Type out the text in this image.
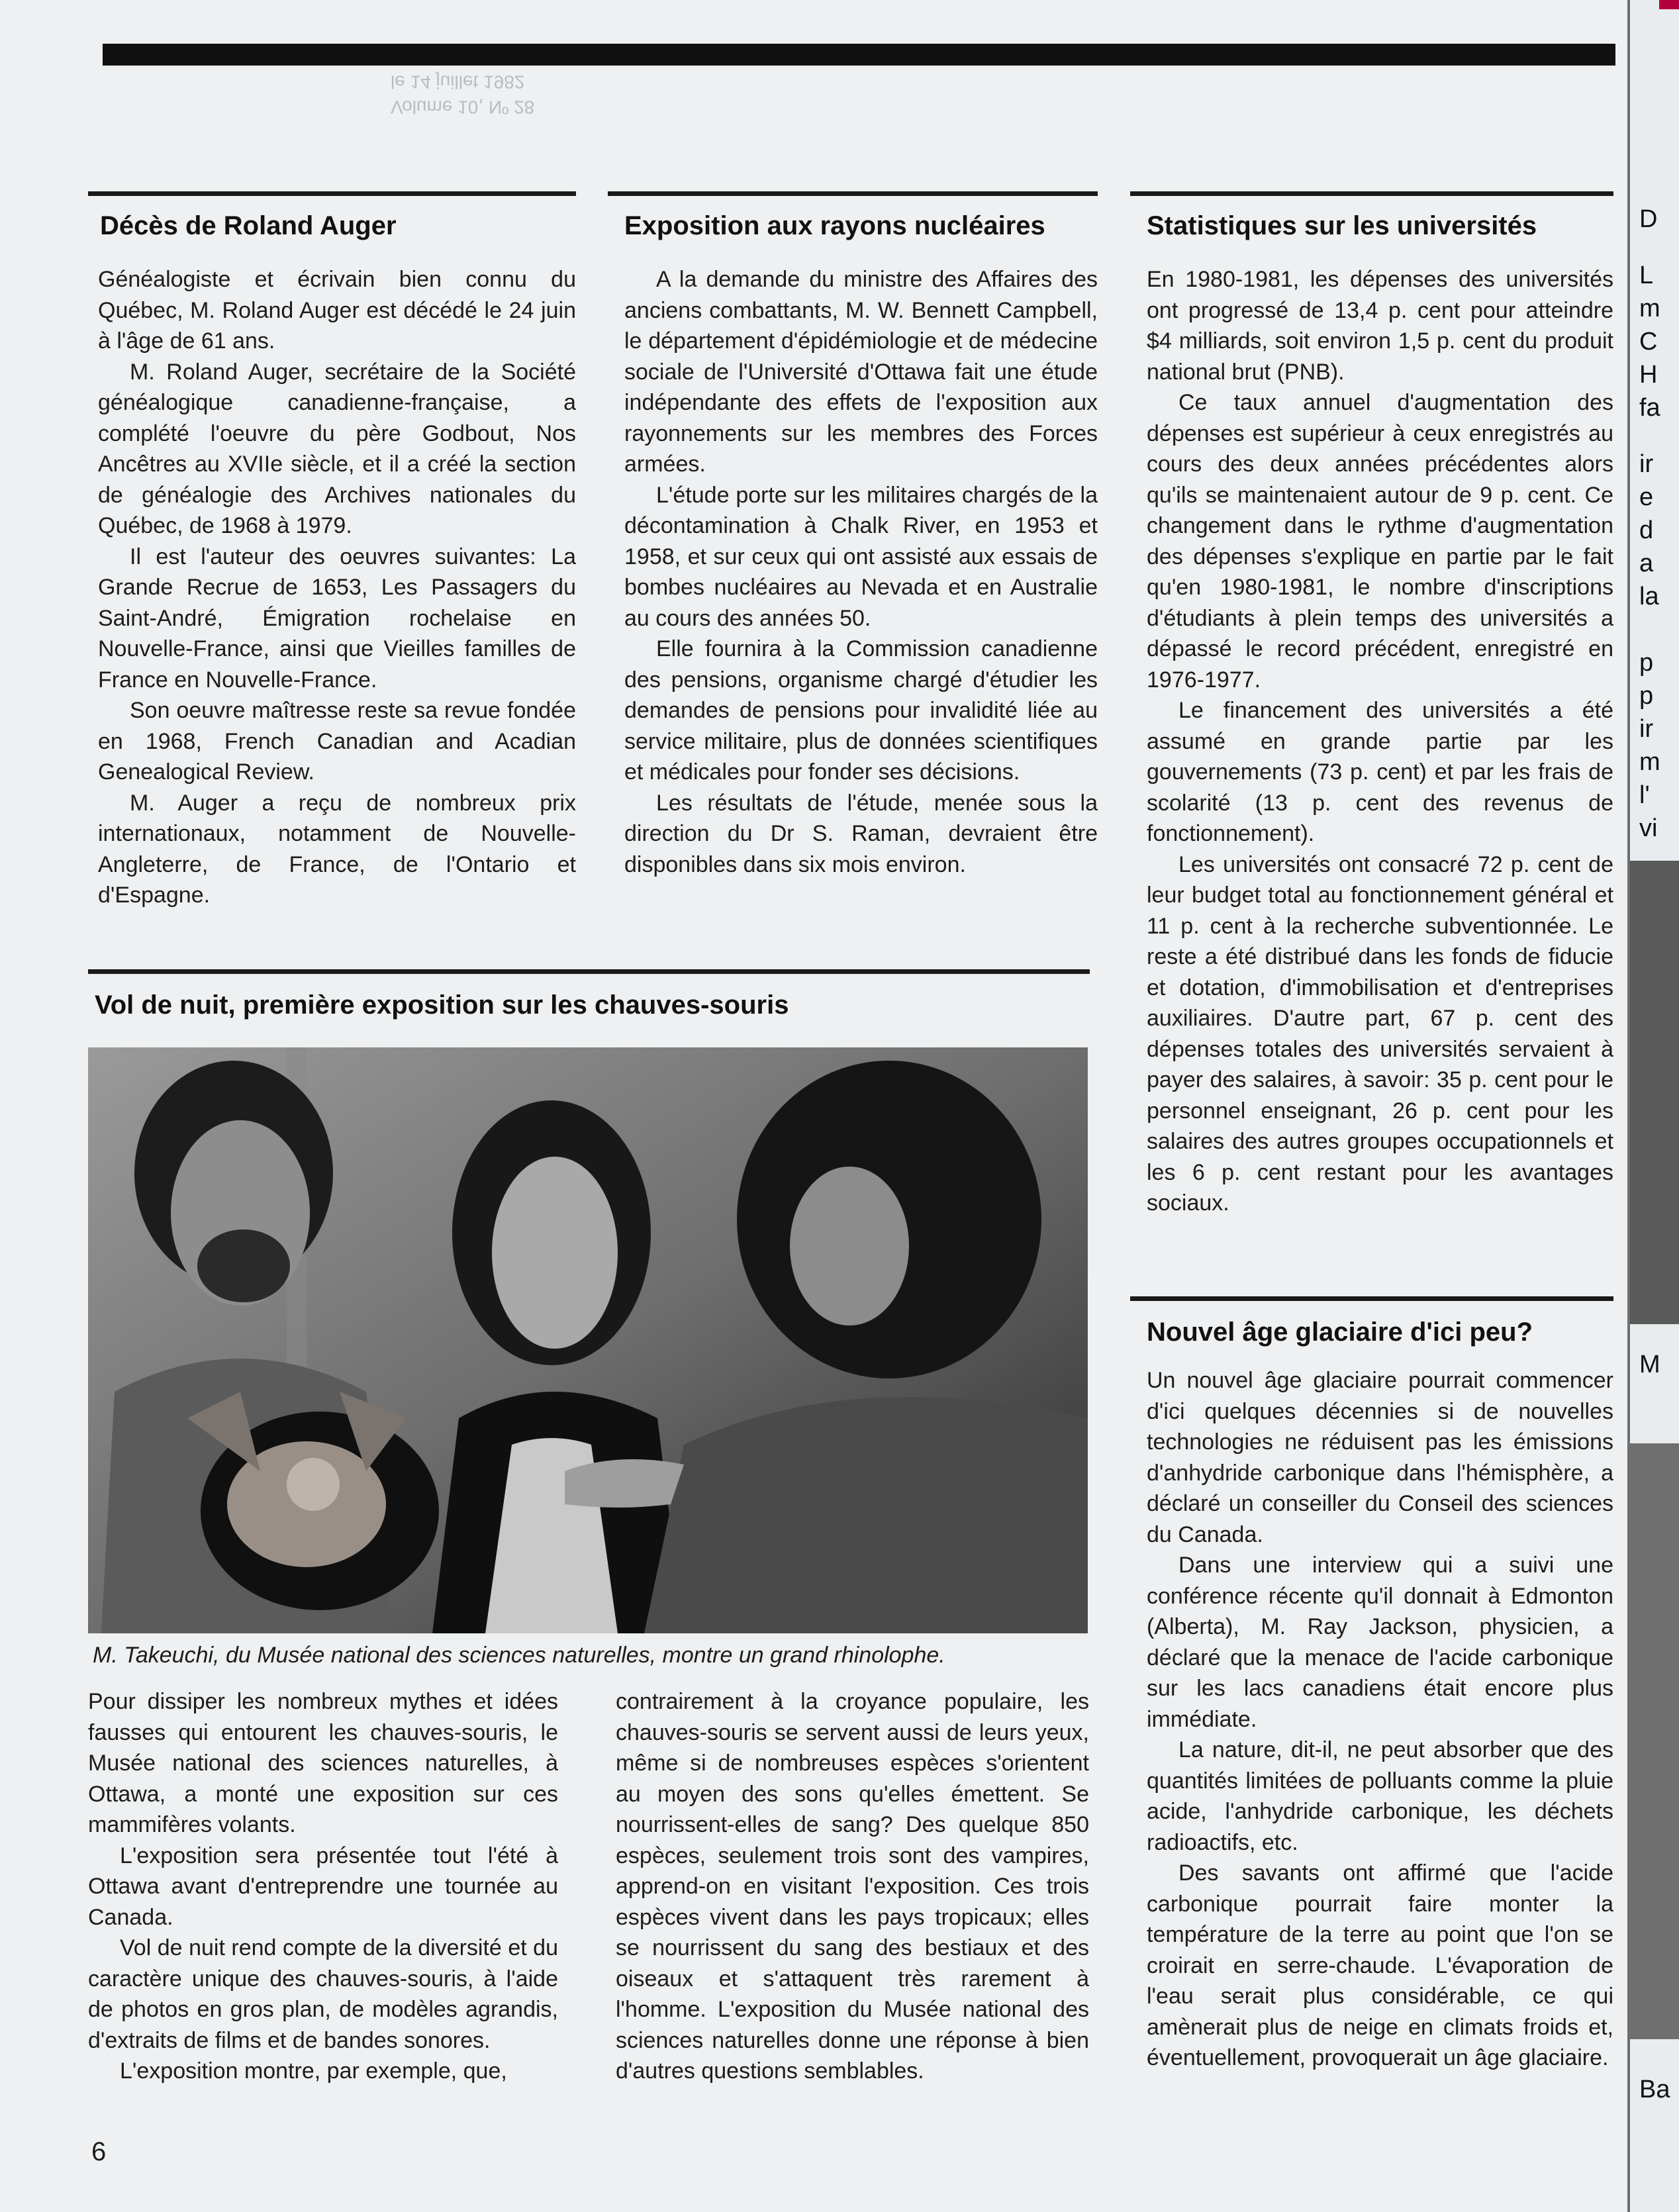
Volume 10, Nº 28
le 14 juillet 1982
Décès de Roland Auger

Généalogiste et écrivain bien connu du Québec, M. Roland Auger est décédé le 24 juin à l'âge de 61 ans.

M. Roland Auger, secrétaire de la Société généalogique canadienne-française, a complété l'oeuvre du père Godbout, Nos Ancêtres au XVIIe siècle, et il a créé la section de généalogie des Archives nationales du Québec, de 1968 à 1979.

Il est l'auteur des oeuvres suivantes: La Grande Recrue de 1653, Les Passagers du Saint-André, Émigration rochelaise en Nouvelle-France, ainsi que Vieilles familles de France en Nouvelle-France.

Son oeuvre maîtresse reste sa revue fondée en 1968, French Canadian and Acadian Genealogical Review.

M. Auger a reçu de nombreux prix internationaux, notamment de Nouvelle-Angleterre, de France, de l'Ontario et d'Espagne.

Exposition aux rayons nucléaires

A la demande du ministre des Affaires des anciens combattants, M. W. Bennett Campbell, le département d'épidémiologie et de médecine sociale de l'Université d'Ottawa fait une étude indépendante des effets de l'exposition aux rayonnements sur les membres des Forces armées.

L'étude porte sur les militaires chargés de la décontamination à Chalk River, en 1953 et 1958, et sur ceux qui ont assisté aux essais de bombes nucléaires au Nevada et en Australie au cours des années 50.

Elle fournira à la Commission canadienne des pensions, organisme chargé d'étudier les demandes de pensions pour invalidité liée au service militaire, plus de données scientifiques et médicales pour fonder ses décisions.

Les résultats de l'étude, menée sous la direction du Dr S. Raman, devraient être disponibles dans six mois environ.

Statistiques sur les universités

En 1980-1981, les dépenses des universités ont progressé de 13,4 p. cent pour atteindre $4 milliards, soit environ 1,5 p. cent du produit national brut (PNB).

Ce taux annuel d'augmentation des dépenses est supérieur à ceux enregistrés au cours des deux années précédentes alors qu'ils se maintenaient autour de 9 p. cent. Ce changement dans le rythme d'augmentation des dépenses s'explique en partie par le fait qu'en 1980-1981, le nombre d'inscriptions d'étudiants à plein temps des universités a dépassé le record précédent, enregistré en 1976-1977.

Le financement des universités a été assumé en grande partie par les gouvernements (73 p. cent) et par les frais de scolarité (13 p. cent des revenus de fonctionnement).

Les universités ont consacré 72 p. cent de leur budget total au fonctionnement général et 11 p. cent à la recherche subventionnée. Le reste a été distribué dans les fonds de fiducie et dotation, d'immobilisation et d'entreprises auxiliaires. D'autre part, 67 p. cent des dépenses totales des universités servaient à payer des salaires, à savoir: 35 p. cent pour le personnel enseignant, 26 p. cent pour les salaires des autres groupes occupationnels et les 6 p. cent restant pour les avantages sociaux.

Nouvel âge glaciaire d'ici peu?

Un nouvel âge glaciaire pourrait commencer d'ici quelques décennies si de nouvelles technologies ne réduisent pas les émissions d'anhydride carbonique dans l'hémisphère, a déclaré un conseiller du Conseil des sciences du Canada.

Dans une interview qui a suivi une conférence récente qu'il donnait à Edmonton (Alberta), M. Ray Jackson, physicien, a déclaré que la menace de l'acide carbonique sur les lacs canadiens était encore plus immédiate.

La nature, dit-il, ne peut absorber que des quantités limitées de polluants comme la pluie acide, l'anhydride carbonique, les déchets radioactifs, etc.

Des savants ont affirmé que l'acide carbonique pourrait faire monter la température de la terre au point que l'on se croirait en serre-chaude. L'évaporation de l'eau serait plus considérable, ce qui amènerait plus de neige en climats froids et, éventuellement, provoquerait un âge glaciaire.

Vol de nuit, première exposition sur les chauves-souris
M. Takeuchi, du Musée national des sciences naturelles, montre un grand rhinolophe.

Pour dissiper les nombreux mythes et idées fausses qui entourent les chauves-souris, le Musée national des sciences naturelles, à Ottawa, a monté une exposition sur ces mammifères volants.

L'exposition sera présentée tout l'été à Ottawa avant d'entreprendre une tournée au Canada.

Vol de nuit rend compte de la diversité et du caractère unique des chauves-souris, à l'aide de photos en gros plan, de modèles agrandis, d'extraits de films et de bandes sonores.

L'exposition montre, par exemple, que,

contrairement à la croyance populaire, les chauves-souris se servent aussi de leurs yeux, même si de nombreuses espèces s'orientent au moyen des sons qu'elles émettent. Se nourrissent-elles de sang? Des quelque 850 espèces, seulement trois sont des vampires, apprend-on en visitant l'exposition. Ces trois espèces vivent dans les pays tropicaux; elles se nourrissent du sang des bestiaux et des oiseaux et s'attaquent très rarement à l'homme. L'exposition du Musée national des sciences naturelles donne une réponse à bien d'autres questions semblables.

6
D
L
m
C
H
fa
ir
e
d
a
la
p
p
ir
m
l'
vi
M
Ba
